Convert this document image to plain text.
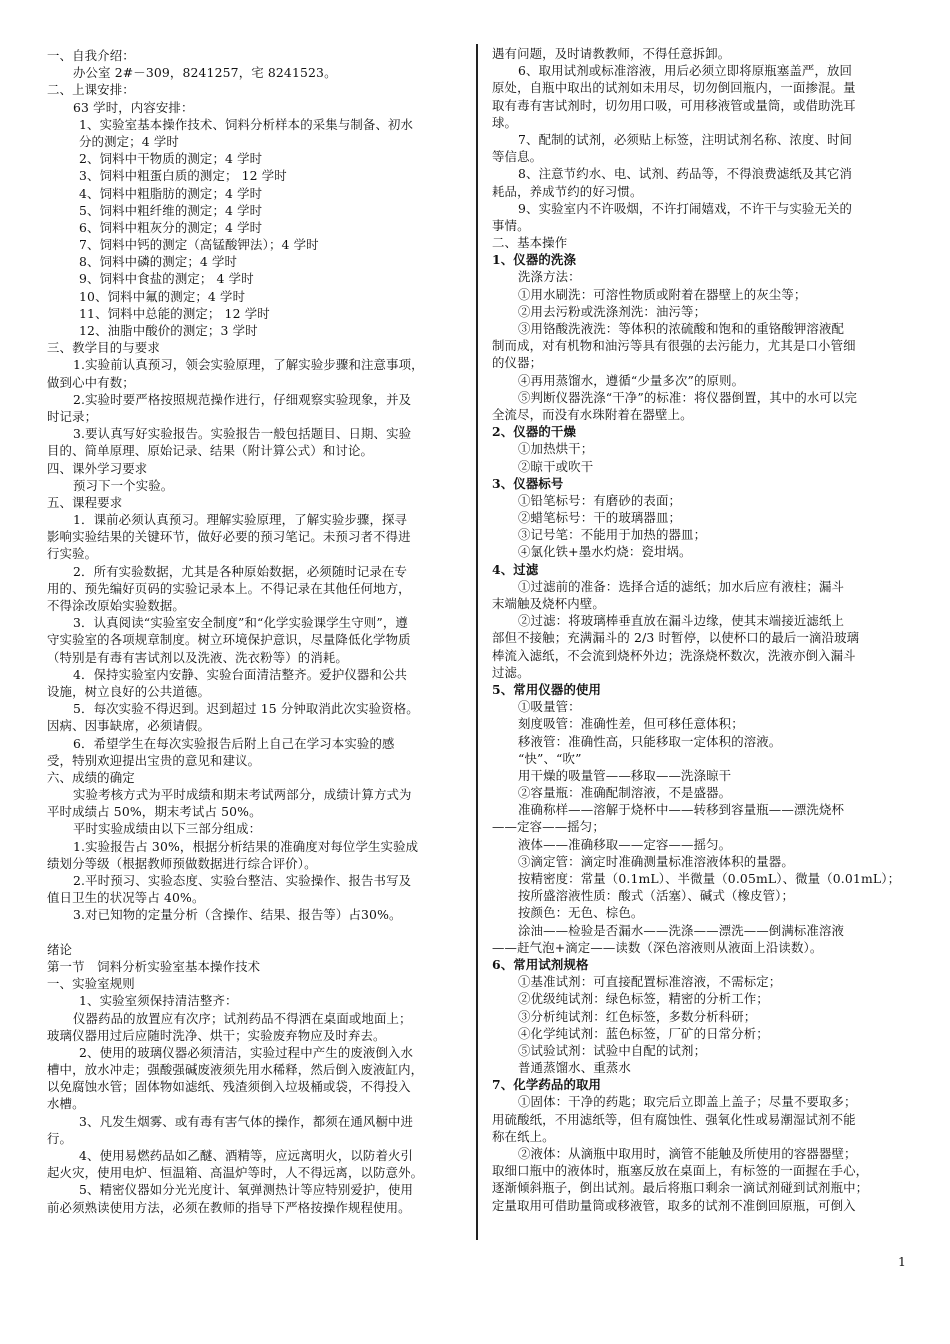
一、自我介绍：
办公室 2#－309，8241257，宅 8241523。
二、上课安排：
63 学时，内容安排：
1、实验室基本操作技术、饲料分析样本的采集与制备、初水
分的测定；4 学时
2、饲料中干物质的测定；4 学时
3、饲料中粗蛋白质的测定； 12 学时
4、饲料中粗脂肪的测定；4 学时
5、饲料中粗纤维的测定；4 学时
6、饲料中粗灰分的测定；4 学时
7、饲料中钙的测定（高锰酸钾法）；4 学时
8、饲料中磷的测定；4 学时
9、饲料中食盐的测定； 4 学时
10、饲料中氟的测定；4 学时
11、饲料中总能的测定； 12 学时
12、油脂中酸价的测定；3 学时
三、教学目的与要求
1.实验前认真预习，领会实验原理，了解实验步骤和注意事项，
做到心中有数；
2.实验时要严格按照规范操作进行，仔细观察实验现象，并及
时记录；
3.要认真写好实验报告。实验报告一般包括题目、日期、实验
目的、简单原理、原始记录、结果（附计算公式）和讨论。
四、课外学习要求
预习下一个实验。
五、课程要求
1．课前必须认真预习。理解实验原理，了解实验步骤，探寻
影响实验结果的关键环节，做好必要的预习笔记。未预习者不得进
行实验。
2．所有实验数据，尤其是各种原始数据，必须随时记录在专
用的、预先编好页码的实验记录本上。不得记录在其他任何地方，
不得涂改原始实验数据。
3．认真阅读“实验室安全制度”和“化学实验课学生守则”，遵
守实验室的各项规章制度。树立环境保护意识，尽量降低化学物质
（特别是有毒有害试剂以及洗液、洗衣粉等）的消耗。
4．保持实验室内安静、实验台面清洁整齐。爱护仪器和公共
设施，树立良好的公共道德。
5．每次实验不得迟到。迟到超过 15 分钟取消此次实验资格。
因病、因事缺席，必须请假。
6．希望学生在每次实验报告后附上自己在学习本实验的感
受，特别欢迎提出宝贵的意见和建议。
六、成绩的确定
实验考核方式为平时成绩和期末考试两部分，成绩计算方式为
平时成绩占 50%，期末考试占 50%。
平时实验成绩由以下三部分组成：
1.实验报告占 30%，根据分析结果的准确度对每位学生实验成
绩划分等级（根据教师预做数据进行综合评价）。
2.平时预习、实验态度、实验台整洁、实验操作、报告书写及
值日卫生的状况等占 40%。
3.对已知物的定量分析（含操作、结果、报告等）占30%。
绪论
第一节　饲料分析实验室基本操作技术
一、实验室规则
1、实验室须保持清洁整齐：
仪器药品的放置应有次序；试剂药品不得洒在桌面或地面上；
玻璃仪器用过后应随时洗净、烘干；实验废弃物应及时弃去。
2、使用的玻璃仪器必须清洁，实验过程中产生的废液倒入水
槽中，放水冲走；强酸强碱废液须先用水稀释，然后倒入废液缸内，
以免腐蚀水管；固体物如滤纸、残渣须倒入垃圾桶或袋，不得投入
水槽。
3、凡发生烟雾、或有毒有害气体的操作，都须在通风橱中进
行。
4、使用易燃药品如乙醚、酒精等，应远离明火，以防着火引
起火灾，使用电炉、恒温箱、高温炉等时，人不得远离，以防意外。
5、精密仪器如分光光度计、氧弹测热计等应特别爱护，使用
前必须熟读使用方法，必须在教师的指导下严格按操作规程使用。
遇有问题，及时请教教师，不得任意拆卸。
6、取用试剂或标准溶液，用后必须立即将原瓶塞盖严，放回
原处，自瓶中取出的试剂如未用尽，切勿倒回瓶内，一面掺混。量
取有毒有害试剂时，切勿用口吸，可用移液管或量筒，或借助洗耳
球。
7、配制的试剂，必须贴上标签，注明试剂名称、浓度、时间
等信息。
8、注意节约水、电、试剂、药品等，不得浪费滤纸及其它消
耗品，养成节约的好习惯。
9、实验室内不许吸烟，不许打闹嬉戏，不许干与实验无关的
事情。
二、基本操作
1、仪器的洗涤
洗涤方法：
①用水刷洗：可溶性物质或附着在器壁上的灰尘等；
②用去污粉或洗涤剂洗：油污等；
③用铬酸洗液洗：等体积的浓硫酸和饱和的重铬酸钾溶液配
制而成，对有机物和油污等具有很强的去污能力，尤其是口小管细
的仪器；
④再用蒸馏水，遵循“少量多次”的原则。
⑤判断仪器洗涤“干净”的标准：将仪器倒置，其中的水可以完
全流尽，而没有水珠附着在器壁上。
2、仪器的干燥
①加热烘干；
②晾干或吹干
3、仪器标号
①铅笔标号：有磨砂的表面；
②蜡笔标号：干的玻璃器皿；
③记号笔：不能用于加热的器皿；
④氯化铁+墨水灼烧：瓷坩埚。
4、过滤
①过滤前的准备：选择合适的滤纸；加水后应有液柱；漏斗
末端触及烧杯内壁。
②过滤：将玻璃棒垂直放在漏斗边缘，使其末端接近滤纸上
部但不接触；充满漏斗的 2/3 时暂停，以使杯口的最后一滴沿玻璃
棒流入滤纸，不会流到烧杯外边；洗涤烧杯数次，洗液亦倒入漏斗
过滤。
5、常用仪器的使用
①吸量管：
刻度吸管：准确性差，但可移任意体积；
移液管：准确性高，只能移取一定体积的溶液。
“快”、“吹”
用干燥的吸量管——移取——洗涤晾干
②容量瓶：准确配制溶液，不是盛器。
准确称样——溶解于烧杯中——转移到容量瓶——漂洗烧杯
——定容——摇匀；
液体——准确移取——定容——摇匀。
③滴定管：滴定时准确测量标准溶液体积的量器。
按精密度：常量（0.1mL）、半微量（0.05mL）、微量（0.01mL）；
按所盛溶液性质：酸式（活塞）、碱式（橡皮管）；
按颜色：无色、棕色。
涂油——检验是否漏水——洗涤——漂洗——倒满标准溶液
——赶气泡+滴定——读数（深色溶液则从液面上沿读数）。
6、常用试剂规格
①基准试剂：可直接配置标准溶液，不需标定；
②优级纯试剂：绿色标签，精密的分析工作；
③分析纯试剂：红色标签，多数分析科研；
④化学纯试剂：蓝色标签，厂矿的日常分析；
⑤试验试剂：试验中自配的试剂；
普通蒸馏水、重蒸水
7、化学药品的取用
①固体：干净的药匙；取完后立即盖上盖子；尽量不要取多；
用硫酸纸，不用滤纸等，但有腐蚀性、强氧化性或易潮湿试剂不能
称在纸上。
②液体：从滴瓶中取用时，滴管不能触及所使用的容器器壁；
取细口瓶中的液体时，瓶塞反放在桌面上，有标签的一面握在手心，
逐渐倾斜瓶子，倒出试剂。最后将瓶口剩余一滴试剂碰到试剂瓶中；
定量取用可借助量筒或移液管，取多的试剂不准倒回原瓶，可倒入
1
